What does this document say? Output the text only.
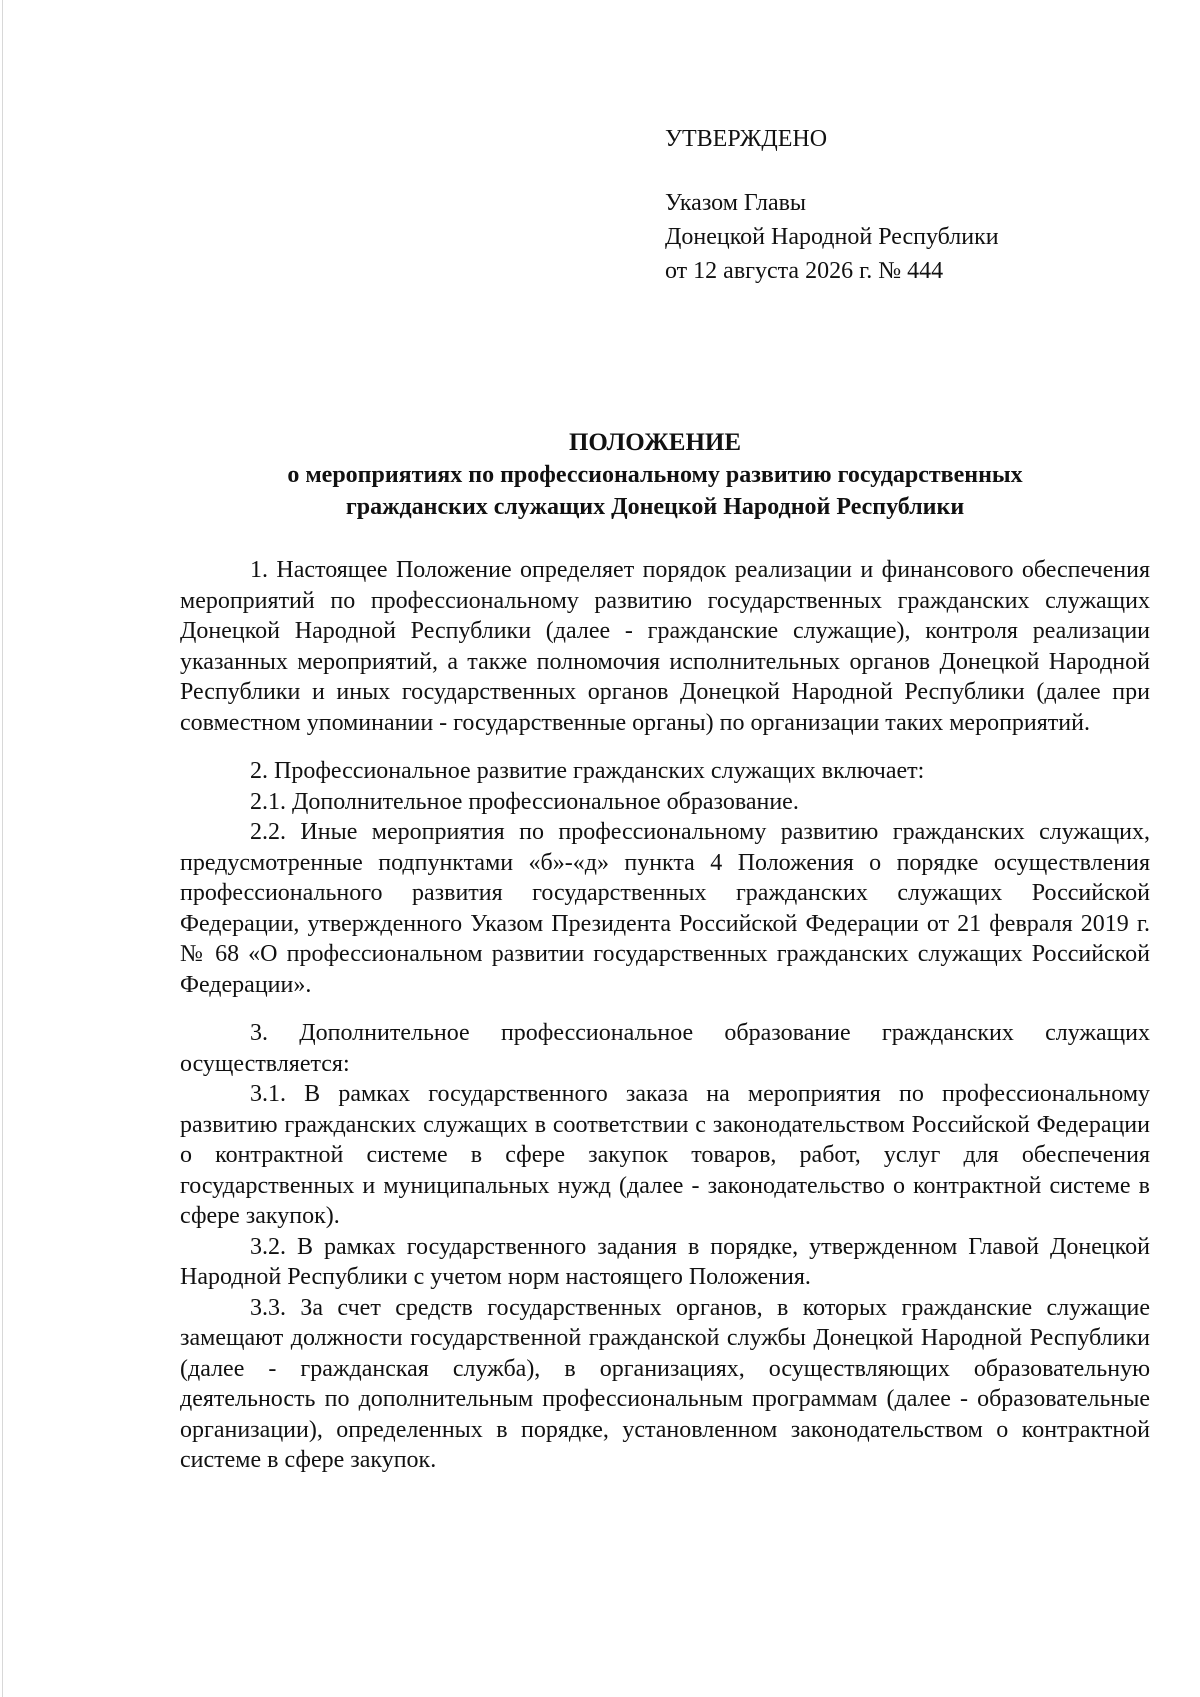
УТВЕРЖДЕНО
Указом Главы
Донецкой Народной Республики
от 12 августа 2026 г. № 444
ПОЛОЖЕНИЕ
о мероприятиях по профессиональному развитию государственных
гражданских служащих Донецкой Народной Республики

1. Настоящее Положение определяет порядок реализации и финансового обеспечения мероприятий по профессиональному развитию государственных гражданских служащих Донецкой Народной Республики (далее - гражданские служащие), контроля реализации указанных мероприятий, а также полномочия исполнительных органов Донецкой Народной Республики и иных государственных органов Донецкой Народной Республики (далее при совместном упоминании - государственные органы) по организации таких мероприятий.

2. Профессиональное развитие гражданских служащих включает:

2.1. Дополнительное профессиональное образование.

2.2. Иные мероприятия по профессиональному развитию гражданских служащих, предусмотренные подпунктами «б»-«д» пункта 4 Положения о порядке осуществления профессионального развития государственных гражданских служащих Российской Федерации, утвержденного Указом Президента Российской Федерации от 21 февраля 2019 г. № 68 «О профессиональном развитии государственных гражданских служащих Российской Федерации».

3. Дополнительное профессиональное образование гражданских служащих осуществляется:

3.1. В рамках государственного заказа на мероприятия по профессиональному развитию гражданских служащих в соответствии с законодательством Российской Федерации о контрактной системе в сфере закупок товаров, работ, услуг для обеспечения государственных и муниципальных нужд (далее - законодательство о контрактной системе в сфере закупок).

3.2. В рамках государственного задания в порядке, утвержденном Главой Донецкой Народной Республики с учетом норм настоящего Положения.

3.3. За счет средств государственных органов, в которых гражданские служащие замещают должности государственной гражданской службы Донецкой Народной Республики (далее - гражданская служба), в организациях, осуществляющих образовательную деятельность по дополнительным профессиональным программам (далее - образовательные организации), определенных в порядке, установленном законодательством о контрактной системе в сфере закупок.
